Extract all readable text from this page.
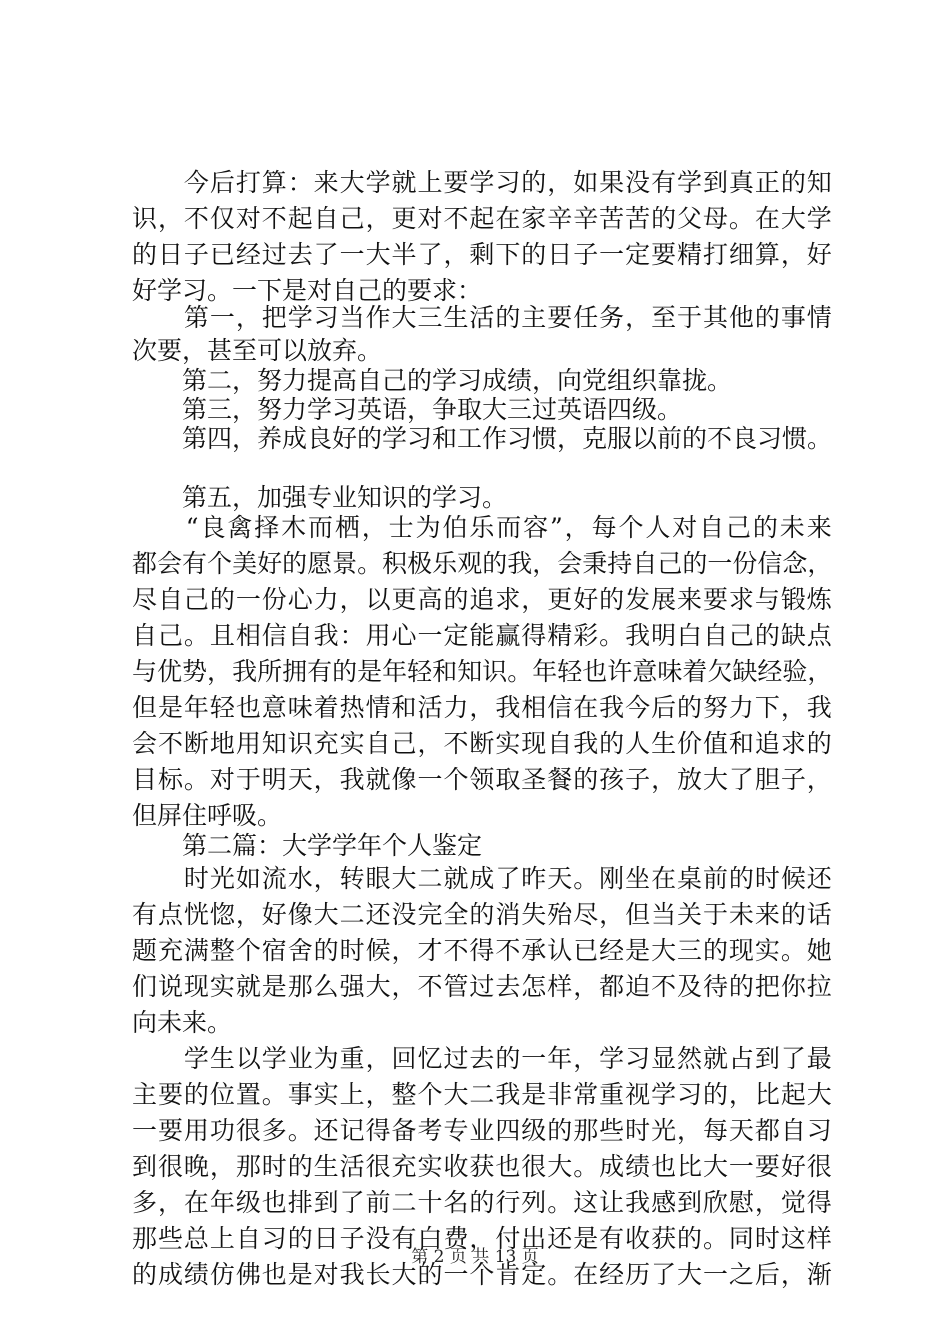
今 后 打 算 ： 来 大 学 就 上 要 学 习 的 ， 如 果 没 有 学 到 真 正 的 知
识 ， 不 仅 对 不 起 自 己 ， 更 对 不 起 在 家 辛 辛 苦 苦 的 父 母 。 在 大 学
的 日 子 已 经 过 去 了 一 大 半 了 ， 剩 下 的 日 子 一 定 要 精 打 细 算 ， 好
好学习。一下是对自己的要求：

第 一 ， 把 学 习 当 作 大 三 生 活 的 主 要 任 务 ， 至 于 其 他 的 事 情
次要，甚至可以放弃。
　　第二，努力提高自己的学习成绩，向党组织靠拢。
　　第三，努力学习英语，争取大三过英语四级。
　　第四，养成良好的学习和工作习惯，克服以前的不良习惯。
　　第五，加强专业知识的学习。

“ 良 禽 择 木 而 栖 ， 士 为 伯 乐 而 容 ” ， 每 个 人 对 自 己 的 未 来
都 会 有 个 美 好 的 愿 景 。 积 极 乐 观 的 我 ， 会 秉 持 自 己 的 一 份 信 念 ，
尽 自 己 的 一 份 心 力 ， 以 更 高 的 追 求 ， 更 好 的 发 展 来 要 求 与 锻 炼
自 己 。 且 相 信 自 我 ： 用 心 一 定 能 赢 得 精 彩 。 我 明 白 自 己 的 缺 点
与 优 势 ， 我 所 拥 有 的 是 年 轻 和 知 识 。 年 轻 也 许 意 味 着 欠 缺 经 验 ，
但 是 年 轻 也 意 味 着 热 情 和 活 力 ， 我 相 信 在 我 今 后 的 努 力 下 ， 我
会 不 断 地 用 知 识 充 实 自 己 ， 不 断 实 现 自 我 的 人 生 价 值 和 追 求 的
目 标 。 对 于 明 天 ， 我 就 像 一 个 领 取 圣 餐 的 孩 子 ， 放 大 了 胆 子 ，
但屏住呼吸。
　　第二篇：大学学年个人鉴定

时 光 如 流 水 ， 转 眼 大 二 就 成 了 昨 天 。 刚 坐 在 桌 前 的 时 候 还
有 点 恍 惚 ， 好 像 大 二 还 没 完 全 的 消 失 殆 尽 ， 但 当 关 于 未 来 的 话
题 充 满 整 个 宿 舍 的 时 候 ， 才 不 得 不 承 认 已 经 是 大 三 的 现 实 。 她
们 说 现 实 就 是 那 么 强 大 ， 不 管 过 去 怎 样 ， 都 迫 不 及 待 的 把 你 拉
向未来。

学 生 以 学 业 为 重 ， 回 忆 过 去 的 一 年 ， 学 习 显 然 就 占 到 了 最
主 要 的 位 置 。 事 实 上 ， 整 个 大 二 我 是 非 常 重 视 学 习 的 ， 比 起 大
一 要 用 功 很 多 。 还 记 得 备 考 专 业 四 级 的 那 些 时 光 ， 每 天 都 自 习
到 很 晚 ， 那 时 的 生 活 很 充 实 收 获 也 很 大 。 成 绩 也 比 大 一 要 好 很
多 ， 在 年 级 也 排 到 了 前 二 十 名 的 行 列 。 这 让 我 感 到 欣 慰 ， 觉 得
那 些 总 上 自 习 的 日 子 没 有 白 费 ， 付 出 还 是 有 收 获 的 。 同 时 这 样
的 成 绩 仿 佛 也 是 对 我 长 大 的 一 个 肯 定 。 在 经 历 了 大 一 之 后 ， 渐
第 2 页 共 13 页
